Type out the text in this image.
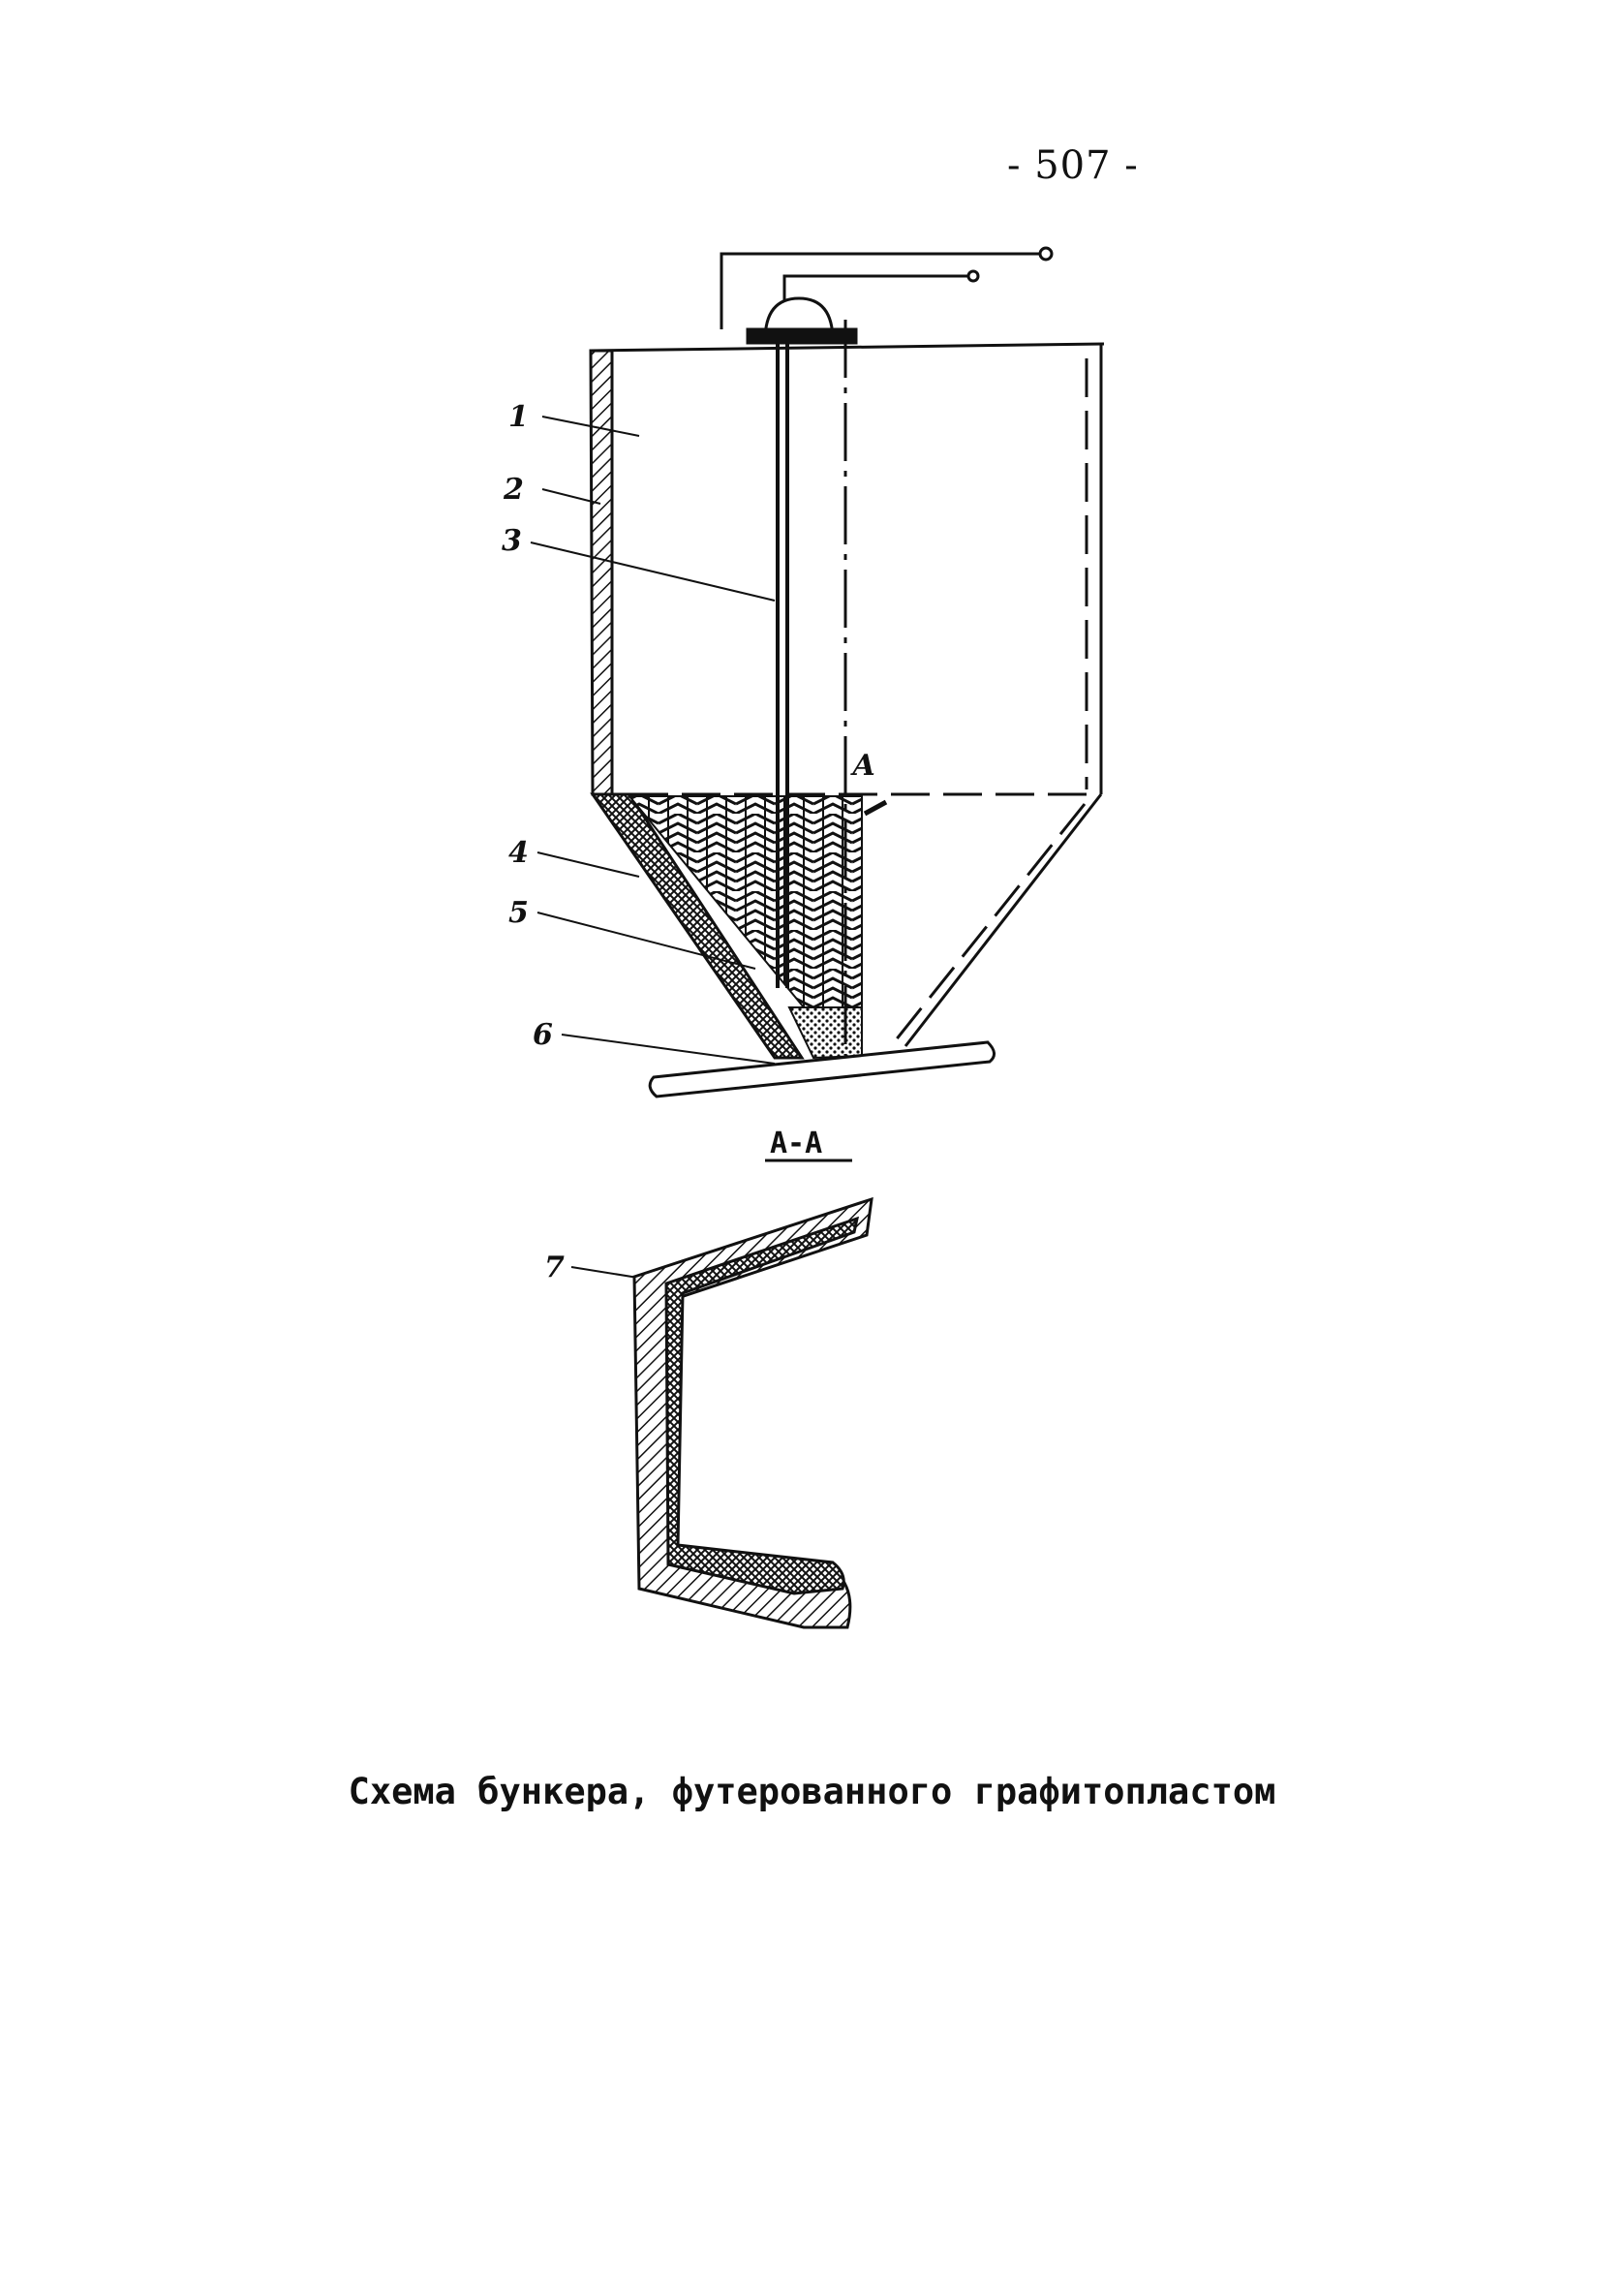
- 507 -
А
1
2
3
4
5
6
7
А-А
Схема бункера, футерованного графитопластом
